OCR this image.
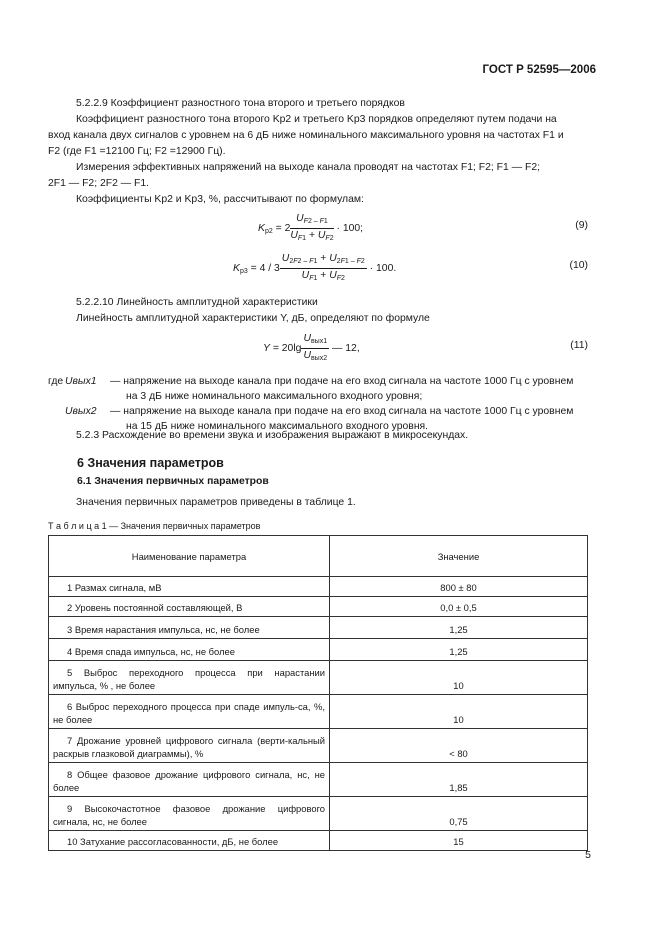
ГОСТ Р 52595—2006
5.2.2.9 Коэффициент разностного тона второго и третьего порядков
Коэффициент разностного тона второго Kр2 и третьего Kр3 порядков определяют путем подачи на
вход канала двух сигналов с уровнем на 6 дБ ниже номинального максимального уровня на частотах F1 и
F2 (где F1 =12100 Гц; F2 =12900 Гц).
Измерения эффективных напряжений на выходе канала проводят на частотах F1; F2; F1 — F2;
2F1 — F2; 2F2 — F1.
Коэффициенты Kр2 и Kр3, %, рассчитывают по формулам:
$K_{р2} = 2 \frac{U_{F2 - F1}}{U_{F1} + U_{F2}} \cdot 100$;	(9)
$K_{р3} = 4 / 3 \frac{U_{2F2 - F1} + U_{2F1 - F2}}{U_{F1} + U_{F2}} \cdot 100$.	(10)
5.2.2.10 Линейность амплитудной характеристики
Линейность амплитудной характеристики Y, дБ, определяют по формуле
$Y = 20\lg \frac{U_{вых1}}{U_{вых2}}$ — 12,	(11)
где Uвых1 — напряжение на выходе канала при подаче на его вход сигнала на частоте 1000 Гц с уровнем
на 3 дБ ниже номинального максимального входного уровня;
Uвых2 — напряжение на выходе канала при подаче на его вход сигнала на частоте 1000 Гц с уровнем
на 15 дБ ниже номинального максимального входного уровня.
5.2.3 Расхождение во времени звука и изображения выражают в микросекундах.
6 Значения параметров
6.1 Значения первичных параметров
Значения первичных параметров приведены в таблице 1.
Т а б л и ц а 1 — Значения первичных параметров
Наименование параметра	Значение
1 Размах сигнала, мВ	800 ± 80
2 Уровень постоянной составляющей, В	0,0 ± 0,5
3 Время нарастания импульса, нс, не более	1,25
4 Время спада импульса, нс, не более	1,25
5 Выброс переходного процесса при нарастании импульса, % , не более	10
6 Выброс переходного процесса при спаде импуль-са, %, не более	10
7 Дрожание уровней цифрового сигнала (верти-кальный раскрыв глазковой диаграммы), %	< 80
8 Общее фазовое дрожание цифрового сигнала, нс, не более	1,85
9 Высокочастотное фазовое дрожание цифрового сигнала, нс, не более	0,75
10 Затухание рассогласованности, дБ, не более	15
5
